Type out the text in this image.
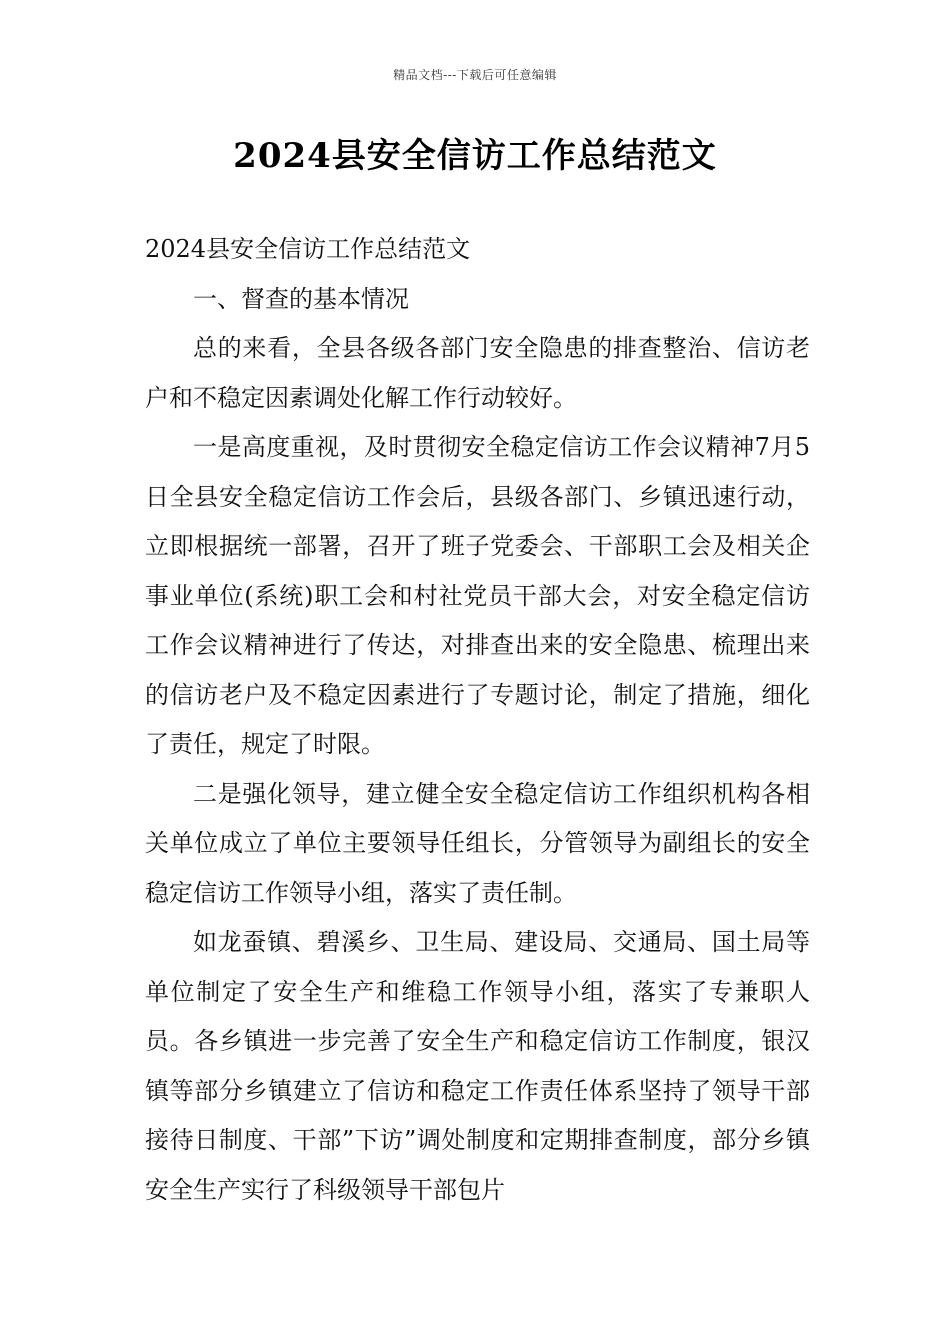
精品文档---下载后可任意编辑
2024县安全信访工作总结范文

2024县安全信访工作总结范文

一、督查的基本情况

总的来看，全县各级各部门安全隐患的排查整治、信访老户和不稳定因素调处化解工作行动较好。

一是高度重视，及时贯彻安全稳定信访工作会议精神7月5日全县安全稳定信访工作会后，县级各部门、乡镇迅速行动，立即根据统一部署，召开了班子党委会、干部职工会及相关企事业单位(系统)职工会和村社党员干部大会，对安全稳定信访工作会议精神进行了传达，对排查出来的安全隐患、梳理出来的信访老户及不稳定因素进行了专题讨论，制定了措施，细化了责任，规定了时限。

二是强化领导，建立健全安全稳定信访工作组织机构各相关单位成立了单位主要领导任组长，分管领导为副组长的安全稳定信访工作领导小组，落实了责任制。

如龙蚕镇、碧溪乡、卫生局、建设局、交通局、国土局等单位制定了安全生产和维稳工作领导小组，落实了专兼职人员。各乡镇进一步完善了安全生产和稳定信访工作制度，银汉镇等部分乡镇建立了信访和稳定工作责任体系坚持了领导干部接待日制度、干部”下访”调处制度和定期排查制度，部分乡镇安全生产实行了科级领导干部包片
